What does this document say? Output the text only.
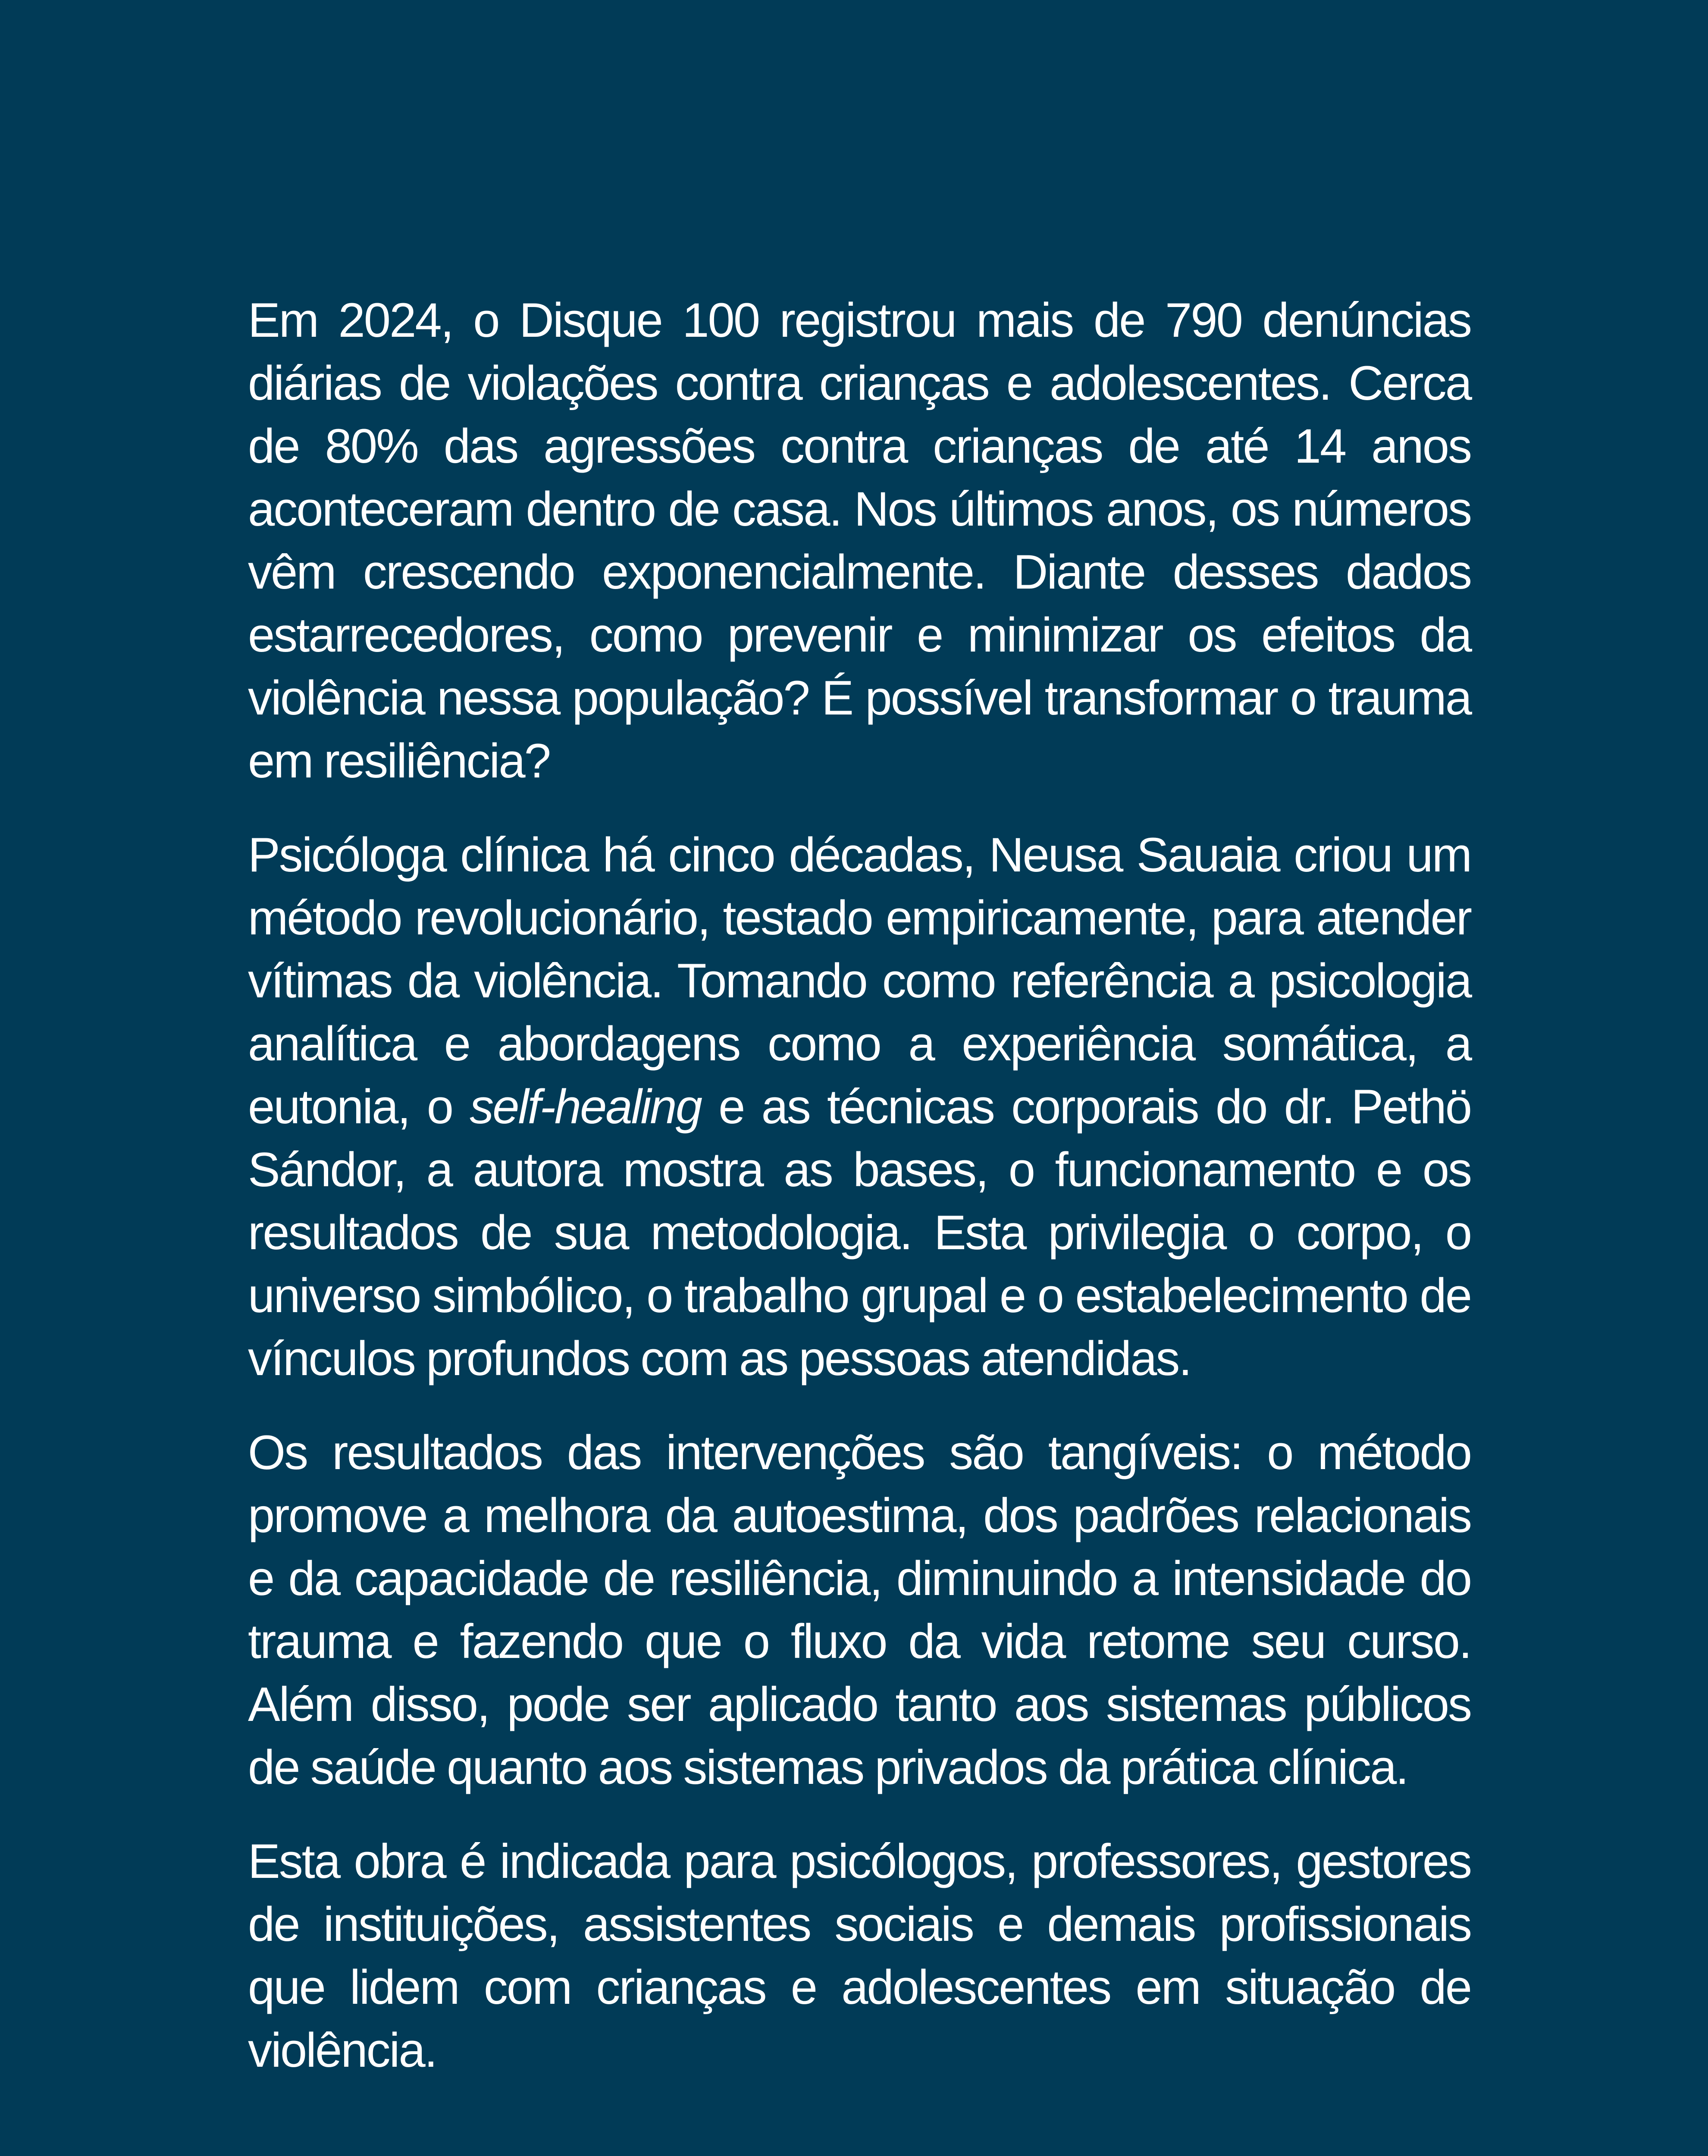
Em 2024, o Disque 100 registrou mais de 790 denúncias diárias de violações contra crianças e adolescentes. Cerca de 80% das agressões contra crianças de até 14 anos aconteceram dentro de casa. Nos últimos anos, os números vêm crescendo exponencialmente. Diante desses dados estarrecedores, como prevenir e minimizar os efeitos da violência nessa população? É possível transformar o trauma em resiliência?

Psicóloga clínica há cinco décadas, Neusa Sauaia criou um método revolucionário, testado empiricamente, para atender vítimas da violência. Tomando como referência a psicologia analítica e abordagens como a experiência somática, a eutonia, o self-healing e as técnicas corporais do dr. Pethö Sándor, a autora mostra as bases, o funcionamento e os resultados de sua metodologia. Esta privilegia o corpo, o universo simbólico, o trabalho grupal e o estabelecimento de vínculos profundos com as pessoas atendidas.

Os resultados das intervenções são tangíveis: o método promove a melhora da autoestima, dos padrões relacionais e da capacidade de resiliência, diminuindo a intensidade do trauma e fazendo que o fluxo da vida retome seu curso. Além disso, pode ser aplicado tanto aos sistemas públicos de saúde quanto aos sistemas privados da prática clínica.

Esta obra é indicada para psicólogos, professores, gestores de instituições, assistentes sociais e demais profissionais que lidem com crianças e adolescentes em situação de violência.
